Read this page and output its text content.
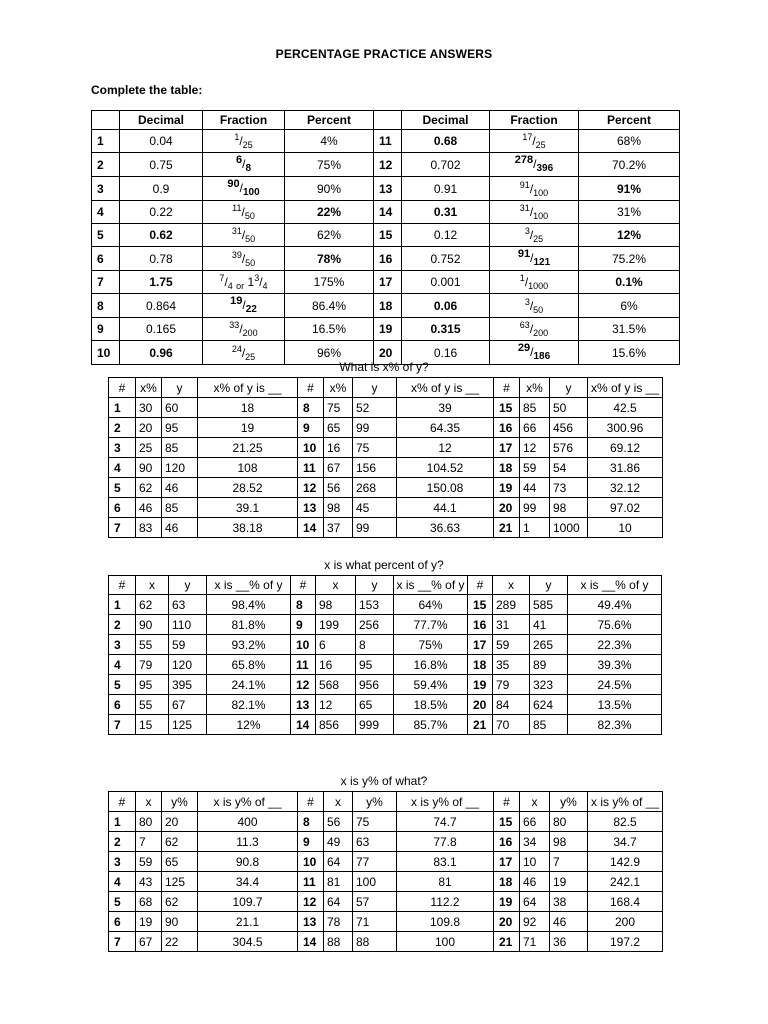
PERCENTAGE PRACTICE ANSWERS
Complete the table:
	Decimal	Fraction	Percent		Decimal	Fraction	Percent
1	0.04	$^1/_{25}$	4%	11	0.68	$^{17}/_{25}$	68%
2	0.75	$6/_8$	75%	12	0.702	$278/_{396}$	70.2%
3	0.9	$90/_{100}$	90%	13	0.91	$^{91}/_{100}$	91%
4	0.22	$^{11}/_{50}$	22%	14	0.31	$^{31}/_{100}$	31%
5	0.62	$^{31}/_{50}$	62%	15	0.12	$^3/_{25}$	12%
6	0.78	$^{39}/_{50}$	78%	16	0.752	$91/_{121}$	75.2%
7	1.75	$^7/_4$ $_{or}$ $1^3/_4$	175%	17	0.001	$^1/_{1000}$	0.1%
8	0.864	$19/_{22}$	86.4%	18	0.06	$^3/_{50}$	6%
9	0.165	$^{33}/_{200}$	16.5%	19	0.315	$^{63}/_{200}$	31.5%
10	0.96	$^{24}/_{25}$	96%	20	0.16	$29/_{186}$	15.6%
What is x% of y?
#	x%	y	x% of y is __	#	x%	y	x% of y is __	#	x%	y	x% of y is __
1	30	60	18	8	75	52	39	15	85	50	42.5
2	20	95	19	9	65	99	64.35	16	66	456	300.96
3	25	85	21.25	10	16	75	12	17	12	576	69.12
4	90	120	108	11	67	156	104.52	18	59	54	31.86
5	62	46	28.52	12	56	268	150.08	19	44	73	32.12
6	46	85	39.1	13	98	45	44.1	20	99	98	97.02
7	83	46	38.18	14	37	99	36.63	21	1	1000	10
x is what percent of y?
#	x	y	x is __% of y	#	x	y	x is __% of y	#	x	y	x is __% of y
1	62	63	98.4%	8	98	153	64%	15	289	585	49.4%
2	90	110	81.8%	9	199	256	77.7%	16	31	41	75.6%
3	55	59	93.2%	10	6	8	75%	17	59	265	22.3%
4	79	120	65.8%	11	16	95	16.8%	18	35	89	39.3%
5	95	395	24.1%	12	568	956	59.4%	19	79	323	24.5%
6	55	67	82.1%	13	12	65	18.5%	20	84	624	13.5%
7	15	125	12%	14	856	999	85.7%	21	70	85	82.3%
x is y% of what?
#	x	y%	x is y% of __	#	x	y%	x is y% of __	#	x	y%	x is y% of __
1	80	20	400	8	56	75	74.7	15	66	80	82.5
2	7	62	11.3	9	49	63	77.8	16	34	98	34.7
3	59	65	90.8	10	64	77	83.1	17	10	7	142.9
4	43	125	34.4	11	81	100	81	18	46	19	242.1
5	68	62	109.7	12	64	57	112.2	19	64	38	168.4
6	19	90	21.1	13	78	71	109.8	20	92	46	200
7	67	22	304.5	14	88	88	100	21	71	36	197.2
